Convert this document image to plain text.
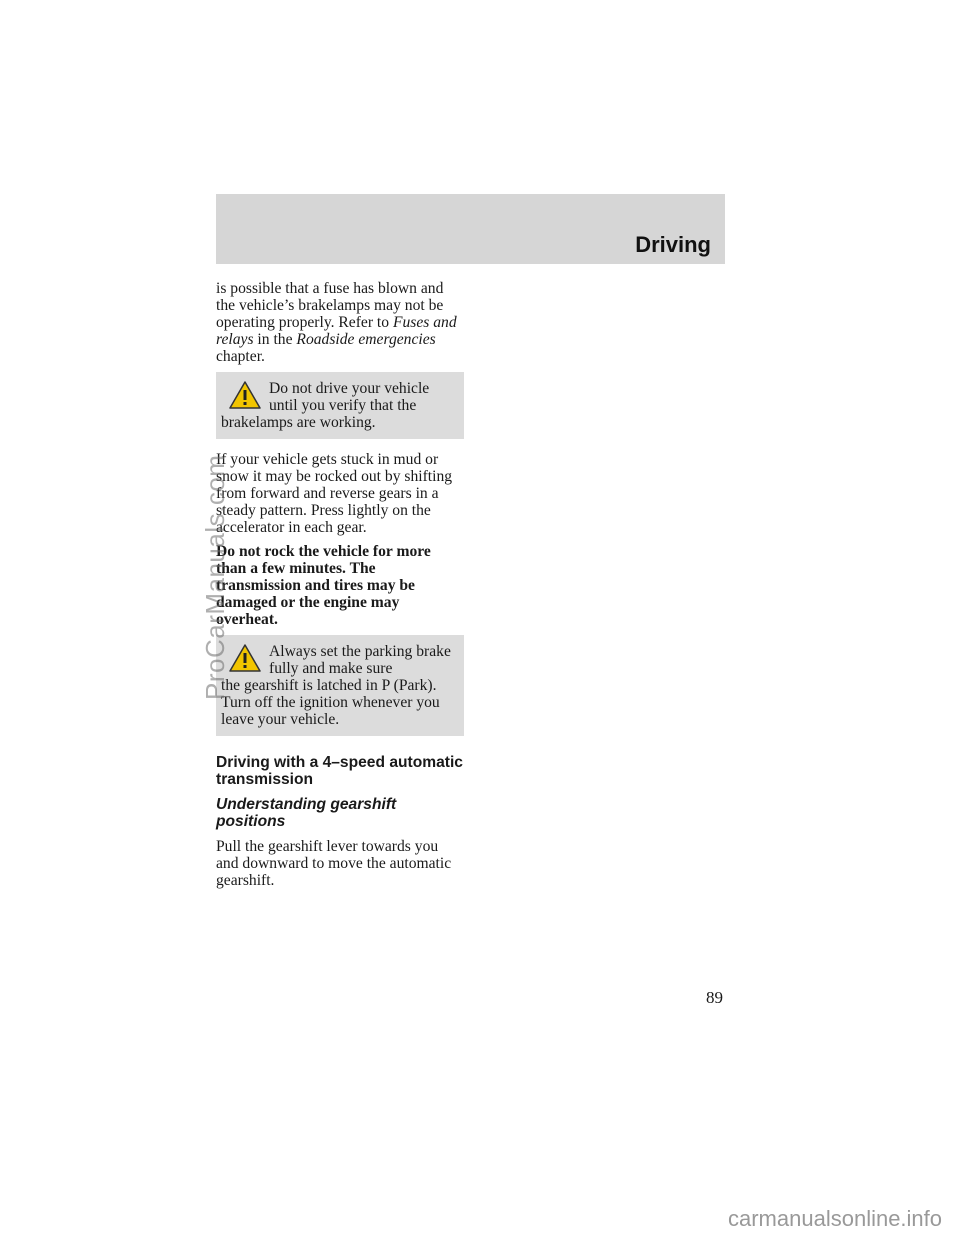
Driving

is possible that a fuse has blown and the vehicle’s brakelamps may not be operating properly. Refer to Fuses and relays in the Roadside emergencies chapter.

Do not drive your vehicle until you verify that the
brakelamps are working.

If your vehicle gets stuck in mud or snow it may be rocked out by shifting from forward and reverse gears in a steady pattern. Press lightly on the accelerator in each gear.

Do not rock the vehicle for more than a few minutes. The transmission and tires may be damaged or the engine may overheat.

Always set the parking brake fully and make sure
the gearshift is latched in P (Park). Turn off the ignition whenever you leave your vehicle.
Driving with a 4–speed automatic transmission
Understanding gearshift positions

Pull the gearshift lever towards you and downward to move the automatic gearshift.

89
ProCarManuals.com
carmanualsonline.info
